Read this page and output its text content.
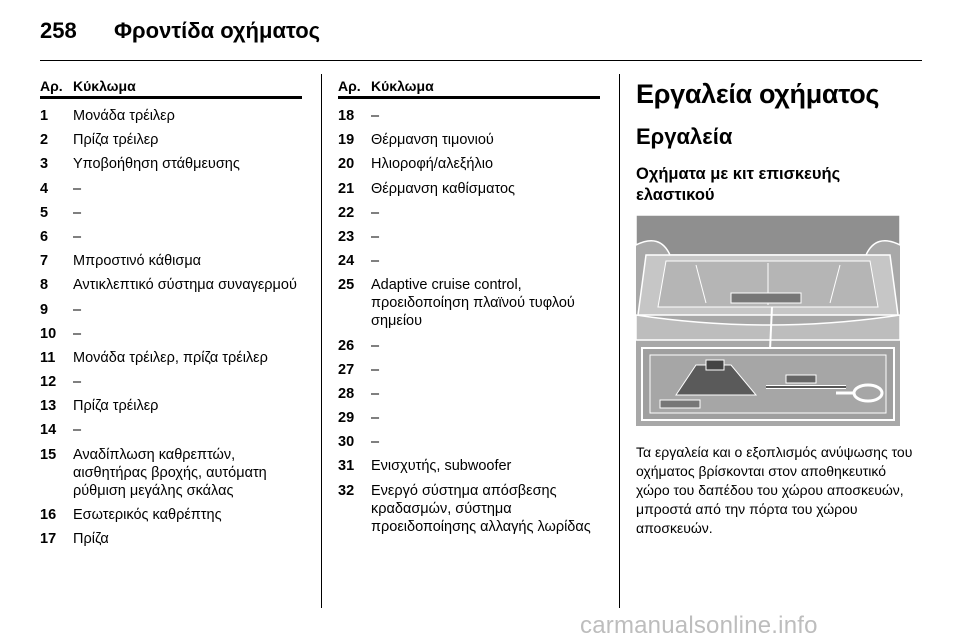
258 Φροντίδα οχήματος
Αρ. Κύκλωμα
1	Μονάδα τρέιλερ
2	Πρίζα τρέιλερ
3	Υποβοήθηση στάθμευσης
4	–
5	–
6	–
7	Μπροστινό κάθισμα
8	Αντικλεπτικό σύστημα συναγερμού
9	–
10	–
11	Μονάδα τρέιλερ, πρίζα τρέιλερ
12	–
13	Πρίζα τρέιλερ
14	–
15	Αναδίπλωση καθρεπτών, αισθητήρας βροχής, αυτόματη ρύθμιση μεγάλης σκάλας
16	Εσωτερικός καθρέπτης
17	Πρίζα
Αρ. Κύκλωμα
18	–
19	Θέρμανση τιμονιού
20	Ηλιοροφή/αλεξήλιο
21	Θέρμανση καθίσματος
22	–
23	–
24	–
25	Adaptive cruise control, προειδοποίηση πλαϊνού τυφλού σημείου
26	–
27	–
28	–
29	–
30	–
31	Ενισχυτής, subwoofer
32	Ενεργό σύστημα απόσβεσης κραδασμών, σύστημα προειδοποίησης αλλαγής λωρίδας
Εργαλεία οχήματος
Εργαλεία
Οχήματα με κιτ επισκευής ελαστικού
Τα εργαλεία και ο εξοπλισμός ανύψωσης του οχήματος βρίσκονται στον αποθηκευτικό χώρο του δαπέδου του χώρου αποσκευών, μπροστά από την πόρτα του χώρου αποσκευών.
carmanualsonline.info
